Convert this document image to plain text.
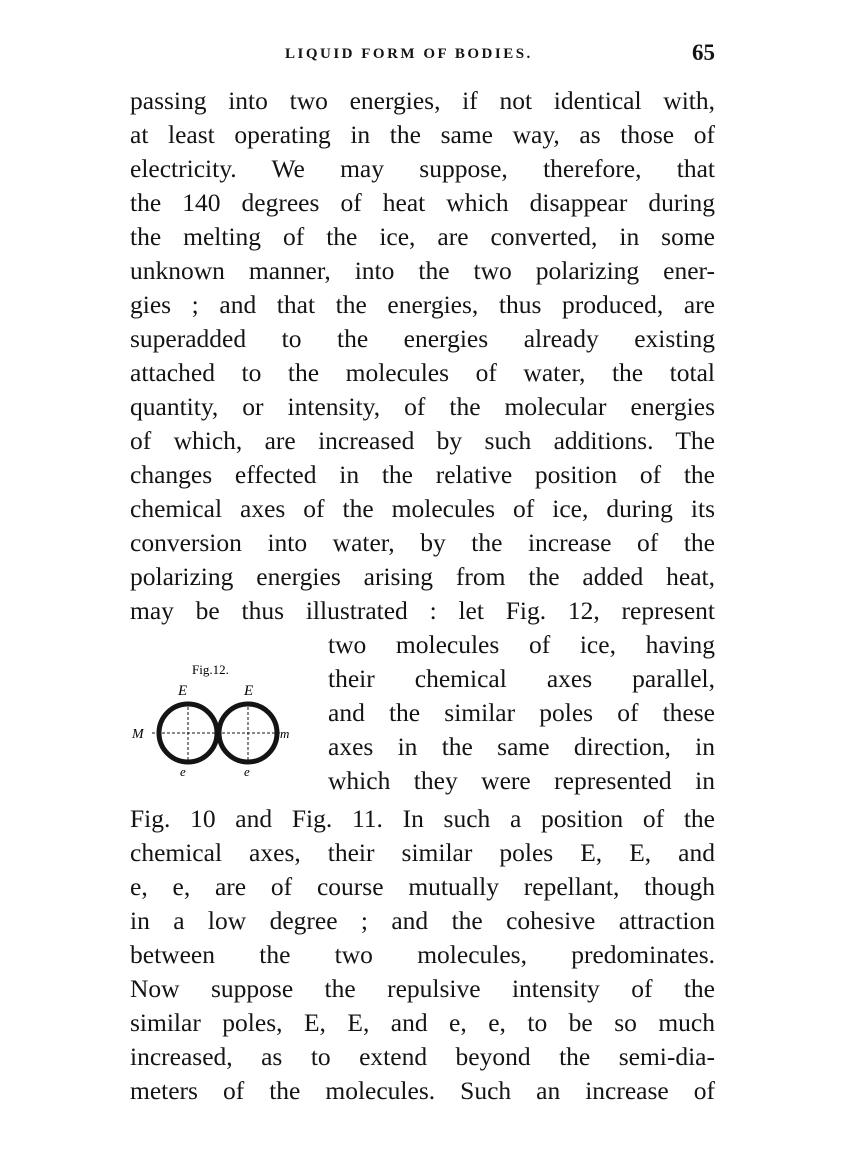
LIQUID FORM OF BODIES.	65
passing into two energies, if not identical with,
at least operating in the same way, as those of
electricity. We may suppose, therefore, that
the 140 degrees of heat which disappear during
the melting of the ice, are converted, in some
unknown manner, into the two polarizing ener-
gies ; and that the energies, thus produced, are
superadded to the energies already existing
attached to the molecules of water, the total
quantity, or intensity, of the molecular energies
of which, are increased by such additions. The
changes effected in the relative position of the
chemical axes of the molecules of ice, during its
conversion into water, by the increase of the
polarizing energies arising from the added heat,
may be thus illustrated : let Fig. 12, represent
two molecules of ice, having
their chemical axes parallel,
and the similar poles of these
axes in the same direction, in
which they were represented in
Fig. 10 and Fig. 11. In such a position of the
chemical axes, their similar poles E, E, and
e, e, are of course mutually repellant, though
in a low degree ; and the cohesive attraction
between the two molecules, predominates.
Now suppose the repulsive intensity of the
similar poles, E, E, and e, e, to be so much
increased, as to extend beyond the semi-dia-
meters of the molecules. Such an increase of
Fig.12.
E	E
M	m
e	e
